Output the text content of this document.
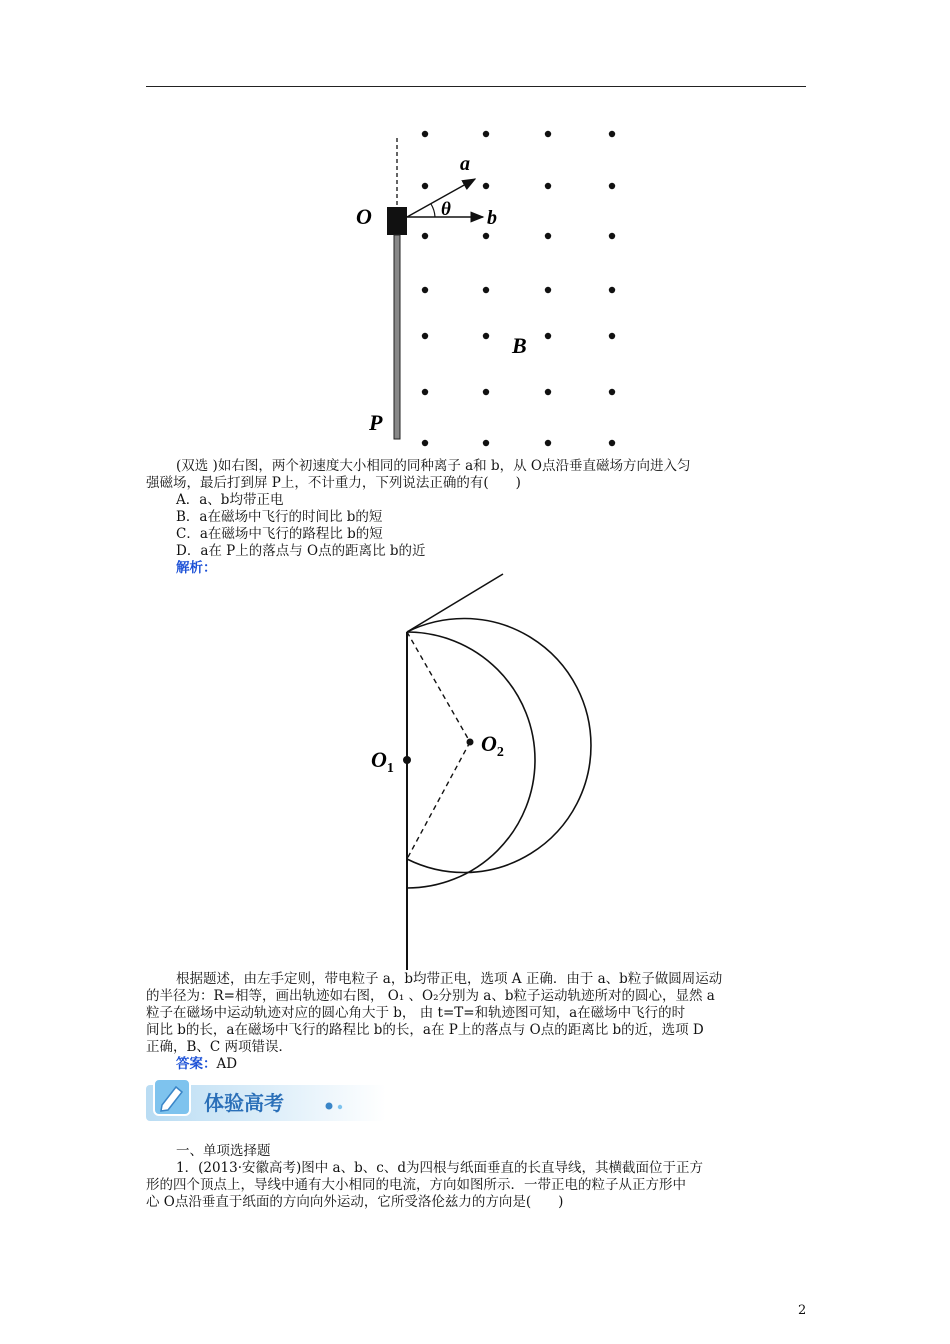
O
a
b
θ
B
P
(双选 )如右图，两个初速度大小相同的同种离子 a和 b，从 O点沿垂直磁场方向进入匀
强磁场，最后打到屏 P上，不计重力，下列说法正确的有(　　)
A．a、b均带正电
B．a在磁场中飞行的时间比 b的短
C．a在磁场中飞行的路程比 b的短
D．a在 P上的落点与 O点的距离比 b的近
解析：
$O_1$
$O_2$
根据题述，由左手定则，带电粒子 a，b均带正电，选项 A 正确．由于 a、b粒子做圆周运动
的半径为：R=相等，画出轨迹如右图， O₁ 、O₂分别为 a、b粒子运动轨迹所对的圆心，显然 a
粒子在磁场中运动轨迹对应的圆心角大于 b， 由 t=T=和轨迹图可知，a在磁场中飞行的时
间比 b的长，a在磁场中飞行的路程比 b的长，a在 P上的落点与 O点的距离比 b的近，选项 D
正确，B、C 两项错误．
答案：AD
体验高考
一、单项选择题
1．(2013·安徽高考)图中 a、b、c、d为四根与纸面垂直的长直导线，其横截面位于正方
形的四个顶点上，导线中通有大小相同的电流，方向如图所示．一带正电的粒子从正方形中
心 O点沿垂直于纸面的方向向外运动，它所受洛伦兹力的方向是(　　)
2
